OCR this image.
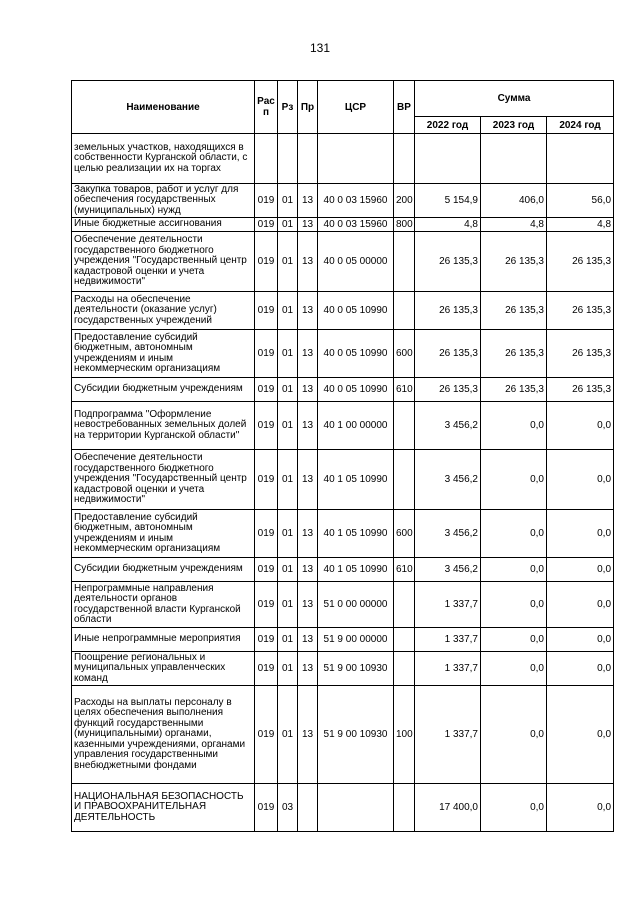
131
Наименование	Рас п	Рз	Пр	ЦСР	ВР	Сумма		
						2022 год	2023 год	2024 год
земельных участков, находящихся в собственности Курганской области, с целью реализации их на торгах								
Закупка товаров, работ и услуг для обеспечения государственных (муниципальных) нужд	019	01	13	40 0 03 15960	200	5 154,9	406,0	56,0
Иные бюджетные ассигнования	019	01	13	40 0 03 15960	800	4,8	4,8	4,8
Обеспечение деятельности государственного бюджетного учреждения "Государственный центр кадастровой оценки и учета недвижимости"	019	01	13	40 0 05 00000		26 135,3	26 135,3	26 135,3
Расходы на обеспечение деятельности (оказание услуг) государственных учреждений	019	01	13	40 0 05 10990		26 135,3	26 135,3	26 135,3
Предоставление субсидий бюджетным, автономным учреждениям и иным некоммерческим организациям	019	01	13	40 0 05 10990	600	26 135,3	26 135,3	26 135,3
Субсидии бюджетным учреждениям	019	01	13	40 0 05 10990	610	26 135,3	26 135,3	26 135,3
Подпрограмма "Оформление невостребованных земельных долей на территории Курганской области"	019	01	13	40 1 00 00000		3 456,2	0,0	0,0
Обеспечение деятельности государственного бюджетного учреждения "Государственный центр кадастровой оценки и учета недвижимости"	019	01	13	40 1 05 10990		3 456,2	0,0	0,0
Предоставление субсидий бюджетным, автономным учреждениям и иным некоммерческим организациям	019	01	13	40 1 05 10990	600	3 456,2	0,0	0,0
Субсидии бюджетным учреждениям	019	01	13	40 1 05 10990	610	3 456,2	0,0	0,0
Непрограммные направления деятельности органов государственной власти Курганской области	019	01	13	51 0 00 00000		1 337,7	0,0	0,0
Иные непрограммные мероприятия	019	01	13	51 9 00 00000		1 337,7	0,0	0,0
Поощрение региональных и муниципальных управленческих команд	019	01	13	51 9 00 10930		1 337,7	0,0	0,0
Расходы на выплаты персоналу в целях обеспечения выполнения функций государственными (муниципальными) органами, казенными учреждениями, органами управления государственными внебюджетными фондами	019	01	13	51 9 00 10930	100	1 337,7	0,0	0,0
НАЦИОНАЛЬНАЯ БЕЗОПАСНОСТЬ И ПРАВООХРАНИТЕЛЬНАЯ ДЕЯТЕЛЬНОСТЬ	019	03				17 400,0	0,0	0,0
